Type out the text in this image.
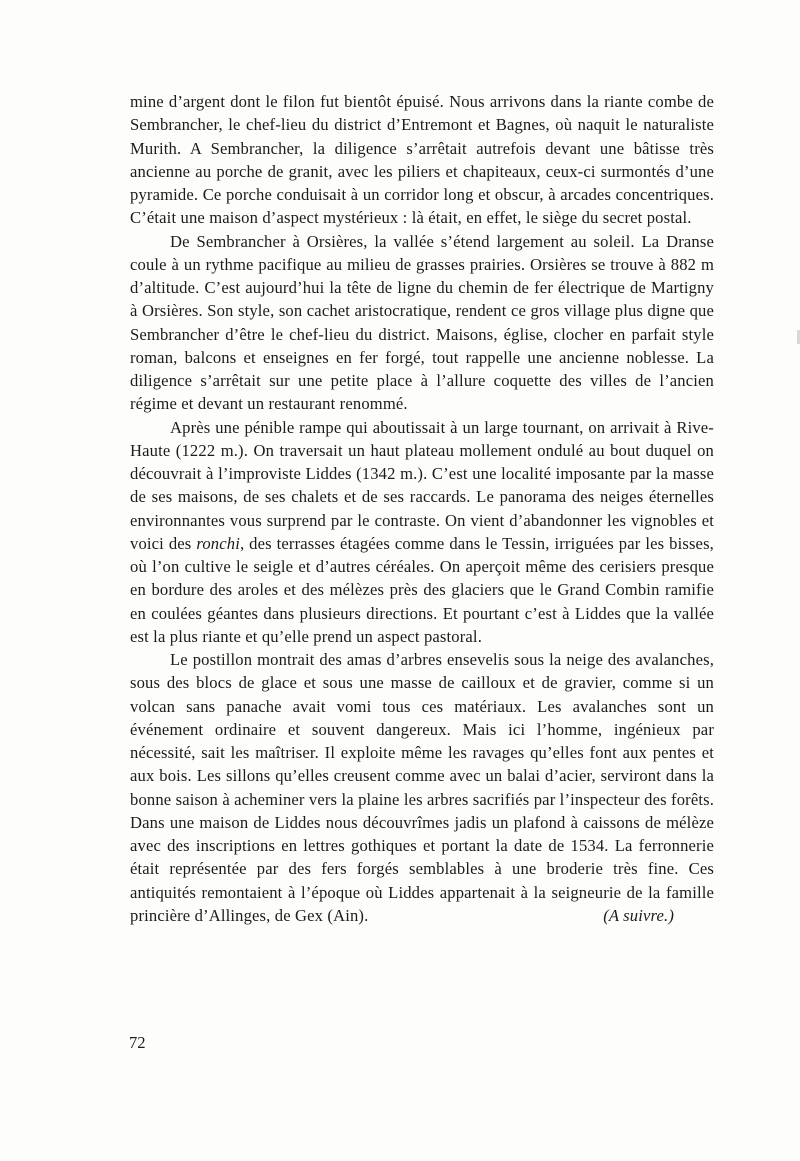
mine d’argent dont le filon fut bientôt épuisé. Nous arrivons dans la riante combe de Sembrancher, le chef-lieu du district d’Entremont et Bagnes, où naquit le naturaliste Murith. A Sembrancher, la diligence s’arrêtait autrefois devant une bâtisse très ancienne au porche de granit, avec les piliers et chapiteaux, ceux-ci surmontés d’une pyramide. Ce porche conduisait à un corridor long et obscur, à arcades concentriques. C’était une maison d’aspect mystérieux : là était, en effet, le siège du secret postal.

De Sembrancher à Orsières, la vallée s’étend largement au soleil. La Dranse coule à un rythme pacifique au milieu de grasses prairies. Orsières se trouve à 882 m d’altitude. C’est aujourd’hui la tête de ligne du chemin de fer électrique de Martigny à Orsières. Son style, son cachet aristocratique, rendent ce gros village plus digne que Sembrancher d’être le chef-lieu du district. Maisons, église, clocher en parfait style roman, balcons et enseignes en fer forgé, tout rappelle une ancienne noblesse. La diligence s’arrêtait sur une petite place à l’allure coquette des villes de l’ancien régime et devant un restaurant renommé.

Après une pénible rampe qui aboutissait à un large tournant, on arrivait à Rive-Haute (1222 m.). On traversait un haut plateau mollement ondulé au bout duquel on découvrait à l’improviste Liddes (1342 m.). C’est une localité imposante par la masse de ses maisons, de ses chalets et de ses raccards. Le panorama des neiges éternelles environnantes vous surprend par le contraste. On vient d’abandonner les vignobles et voici des ronchi, des terrasses étagées comme dans le Tessin, irriguées par les bisses, où l’on cultive le seigle et d’autres céréales. On aperçoit même des cerisiers presque en bordure des aroles et des mélèzes près des glaciers que le Grand Combin ramifie en coulées géantes dans plusieurs directions. Et pourtant c’est à Liddes que la vallée est la plus riante et qu’elle prend un aspect pastoral.

Le postillon montrait des amas d’arbres ensevelis sous la neige des avalanches, sous des blocs de glace et sous une masse de cailloux et de gravier, comme si un volcan sans panache avait vomi tous ces matériaux. Les avalanches sont un événement ordinaire et souvent dangereux. Mais ici l’homme, ingénieux par nécessité, sait les maîtriser. Il exploite même les ravages qu’elles font aux pentes et aux bois. Les sillons qu’elles creusent comme avec un balai d’acier, serviront dans la bonne saison à acheminer vers la plaine les arbres sacrifiés par l’inspecteur des forêts. Dans une maison de Liddes nous découvrîmes jadis un plafond à caissons de mélèze avec des inscriptions en lettres gothiques et portant la date de 1534. La ferronnerie était représentée par des fers forgés semblables à une broderie très fine. Ces antiquités remontaient à l’époque où Liddes appartenait à la seigneurie de la famille princière d’Allinges, de Gex (Ain).	(A suivre.)

72
